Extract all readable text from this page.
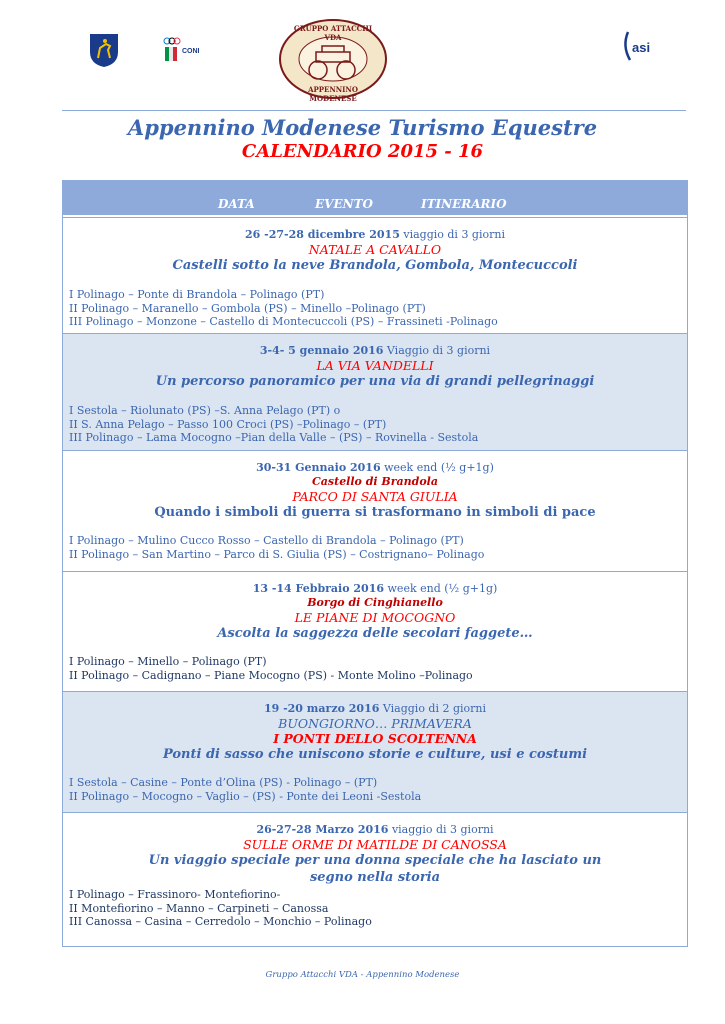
CONI
GRUPPO ATTACCHI VDA
APPENNINO MODENESE
asi
Appennino Modenese Turismo Equestre
CALENDARIO 2015 - 16
DATA	EVENTO	ITINERARIO
26 -27-28 dicembre 2015 viaggio di 3 giorni
NATALE A CAVALLO
Castelli sotto la neve Brandola, Gombola, Montecuccoli
I Polinago – Ponte di Brandola – Polinago (PT)
II Polinago – Maranello – Gombola (PS) – Minello –Polinago (PT)
III Polinago – Monzone – Castello di Montecuccoli (PS) – Frassineti -Polinago
3-4- 5 gennaio 2016 Viaggio di 3 giorni
LA VIA VANDELLI
Un percorso panoramico per una via di grandi pellegrinaggi
I Sestola – Riolunato (PS) –S. Anna Pelago (PT) o
II S. Anna Pelago – Passo 100 Croci (PS) –Polinago – (PT)
III Polinago – Lama Mocogno –Pian della Valle – (PS) – Rovinella - Sestola
30-31 Gennaio 2016 week end (½ g+1g)
Castello di Brandola
PARCO DI SANTA GIULIA
Quando i simboli di guerra si trasformano in simboli di pace
I Polinago – Mulino Cucco Rosso – Castello di Brandola – Polinago (PT)
II Polinago – San Martino – Parco di S. Giulia (PS) – Costrignano– Polinago
13 -14 Febbraio 2016 week end (½ g+1g)
Borgo di Cinghianello
LE PIANE DI MOCOGNO
Ascolta la saggezza delle secolari faggete…
I Polinago – Minello – Polinago (PT)
II Polinago – Cadignano – Piane Mocogno (PS) - Monte Molino –Polinago
19 -20 marzo 2016 Viaggio di 2 giorni
BUONGIORNO… PRIMAVERA
I PONTI DELLO SCOLTENNA
Ponti di sasso che uniscono storie e culture, usi e costumi
I Sestola – Casine – Ponte d’Olina (PS) - Polinago – (PT)
II Polinago – Mocogno – Vaglio – (PS) - Ponte dei Leoni -Sestola
26-27-28 Marzo 2016 viaggio di 3 giorni
SULLE ORME DI MATILDE DI CANOSSA
Un viaggio speciale per una donna speciale che ha lasciato un segno nella storia
I Polinago – Frassinoro- Montefiorino-
II Montefiorino – Manno – Carpineti – Canossa
III Canossa – Casina – Cerredolo – Monchio – Polinago
Gruppo Attacchi VDA - Appennino Modenese
